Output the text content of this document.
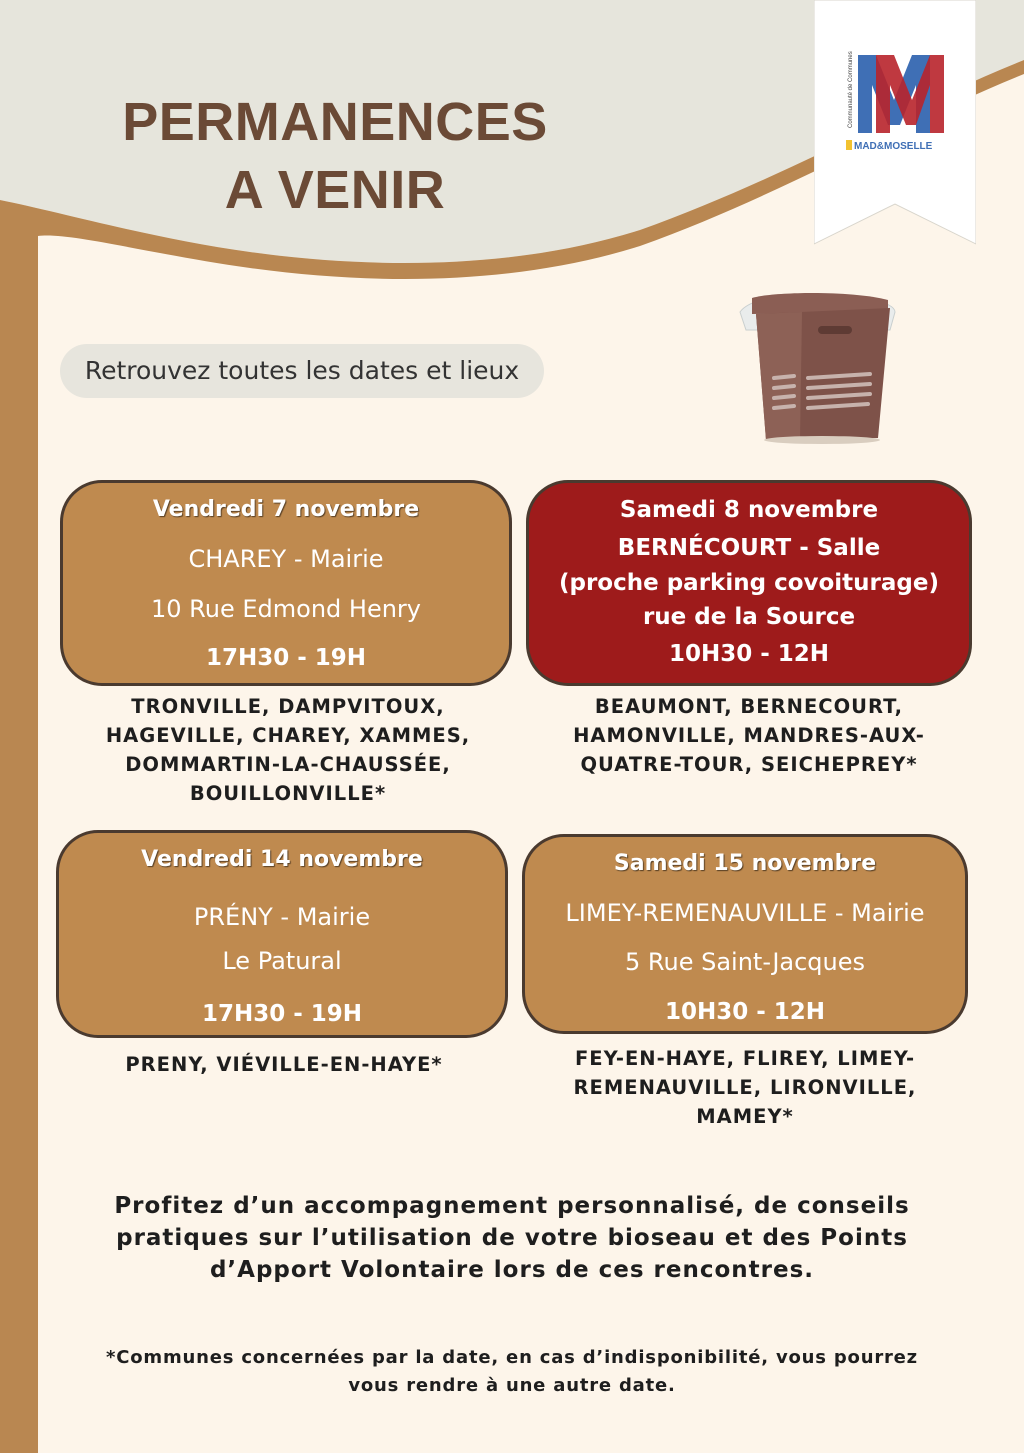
PERMANENCES
A VENIR
MAD&MOSELLE
Communauté de Communes
Retrouvez toutes les dates et lieux
Vendredi 7 novembre
CHAREY - Mairie
10 Rue Edmond Henry
17H30 - 19H
TRONVILLE, DAMPVITOUX,
HAGEVILLE, CHAREY, XAMMES,
DOMMARTIN-LA-CHAUSSÉE,
BOUILLONVILLE*
Samedi 8 novembre
BERNÉCOURT - Salle
(proche parking covoiturage)
rue de la Source
10H30 - 12H
BEAUMONT, BERNECOURT,
HAMONVILLE, MANDRES-AUX-
QUATRE-TOUR, SEICHEPREY*
Vendredi 14 novembre
PRÉNY - Mairie
Le Patural
17H30 - 19H
PRENY, VIÉVILLE-EN-HAYE*
Samedi 15 novembre
LIMEY-REMENAUVILLE - Mairie
5 Rue Saint-Jacques
10H30 - 12H
FEY-EN-HAYE, FLIREY, LIMEY-
REMENAUVILLE, LIRONVILLE,
MAMEY*
Profitez d’un accompagnement personnalisé, de conseils
pratiques sur l’utilisation de votre bioseau et des Points
d’Apport Volontaire lors de ces rencontres.
*Communes concernées par la date, en cas d’indisponibilité, vous pourrez
vous rendre à une autre date.
